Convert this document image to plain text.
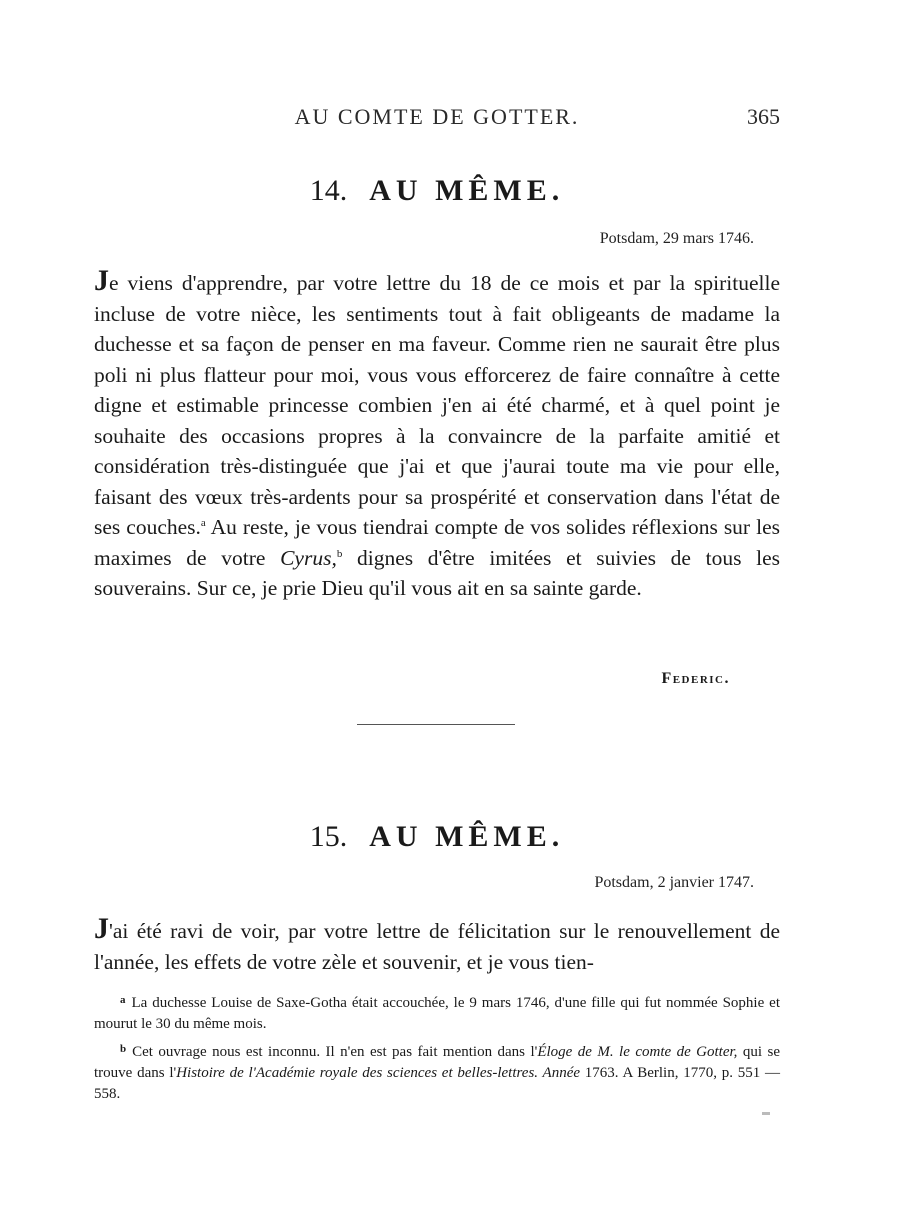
AU COMTE DE GOTTER.	365
14. AU MÊME.
Potsdam, 29 mars 1746.
Je viens d'apprendre, par votre lettre du 18 de ce mois et par la spirituelle incluse de votre nièce, les sentiments tout à fait obligeants de madame la duchesse et sa façon de penser en ma faveur. Comme rien ne saurait être plus poli ni plus flatteur pour moi, vous vous efforcerez de faire connaître à cette digne et estimable princesse combien j'en ai été charmé, et à quel point je souhaite des occasions propres à la convaincre de la parfaite amitié et considération très-distinguée que j'ai et que j'aurai toute ma vie pour elle, faisant des vœux très-ardents pour sa prospérité et conservation dans l'état de ses couches.$^a$ Au reste, je vous tiendrai compte de vos solides réflexions sur les maximes de votre Cyrus,$^b$ dignes d'être imitées et suivies de tous les souverains. Sur ce, je prie Dieu qu'il vous ait en sa sainte garde.
Federic.
15. AU MÊME.
Potsdam, 2 janvier 1747.
J'ai été ravi de voir, par votre lettre de félicitation sur le renouvellement de l'année, les effets de votre zèle et souvenir, et je vous tien-

$^a$ La duchesse Louise de Saxe-Gotha était accouchée, le 9 mars 1746, d'une fille qui fut nommée Sophie et mourut le 30 du même mois.

$^b$ Cet ouvrage nous est inconnu. Il n'en est pas fait mention dans l'Éloge de M. le comte de Gotter, qui se trouve dans l'Histoire de l'Académie royale des sciences et belles-lettres. Année 1763. A Berlin, 1770, p. 551 — 558.
